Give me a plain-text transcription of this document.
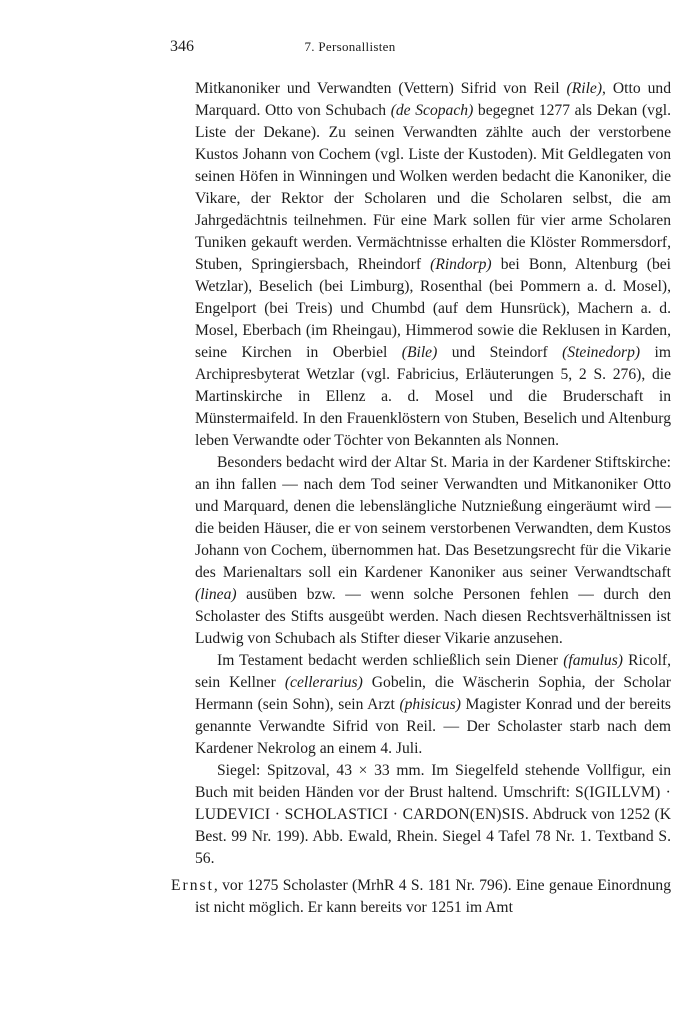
346	7. Personallisten

Mitkanoniker und Verwandten (Vettern) Sifrid von Reil (Rile), Otto und Marquard. Otto von Schubach (de Scopach) begegnet 1277 als Dekan (vgl. Liste der Dekane). Zu seinen Verwandten zählte auch der verstorbene Kustos Johann von Cochem (vgl. Liste der Kustoden). Mit Geldlegaten von seinen Höfen in Winningen und Wolken werden bedacht die Kanoniker, die Vikare, der Rektor der Scholaren und die Scholaren selbst, die am Jahrgedächtnis teilnehmen. Für eine Mark sollen für vier arme Scholaren Tuniken gekauft werden. Vermächtnisse erhalten die Klöster Rommersdorf, Stuben, Springiersbach, Rheindorf (Rindorp) bei Bonn, Altenburg (bei Wetzlar), Beselich (bei Limburg), Rosenthal (bei Pommern a. d. Mosel), Engelport (bei Treis) und Chumbd (auf dem Hunsrück), Machern a. d. Mosel, Eberbach (im Rheingau), Himmerod sowie die Reklusen in Karden, seine Kirchen in Oberbiel (Bile) und Steindorf (Steinedorp) im Archipresbyterat Wetzlar (vgl. Fabricius, Erläuterungen 5, 2 S. 276), die Martinskirche in Ellenz a. d. Mosel und die Bruderschaft in Münstermaifeld. In den Frauenklöstern von Stuben, Beselich und Altenburg leben Verwandte oder Töchter von Bekannten als Nonnen.

Besonders bedacht wird der Altar St. Maria in der Kardener Stiftskirche: an ihn fallen — nach dem Tod seiner Verwandten und Mitkanoniker Otto und Marquard, denen die lebenslängliche Nutznießung eingeräumt wird — die beiden Häuser, die er von seinem verstorbenen Verwandten, dem Kustos Johann von Cochem, übernommen hat. Das Besetzungsrecht für die Vikarie des Marienaltars soll ein Kardener Kanoniker aus seiner Verwandtschaft (linea) ausüben bzw. — wenn solche Personen fehlen — durch den Scholaster des Stifts ausgeübt werden. Nach diesen Rechtsverhältnissen ist Ludwig von Schubach als Stifter dieser Vikarie anzusehen.

Im Testament bedacht werden schließlich sein Diener (famulus) Ricolf, sein Kellner (cellerarius) Gobelin, die Wäscherin Sophia, der Scholar Hermann (sein Sohn), sein Arzt (phisicus) Magister Konrad und der bereits genannte Verwandte Sifrid von Reil. — Der Scholaster starb nach dem Kardener Nekrolog an einem 4. Juli.

Siegel: Spitzoval, 43 × 33 mm. Im Siegelfeld stehende Vollfigur, ein Buch mit beiden Händen vor der Brust haltend. Umschrift: S(IGILLVM) · LUDEVICI · SCHOLASTICI · CARDON(EN)SIS. Abdruck von 1252 (K Best. 99 Nr. 199). Abb. Ewald, Rhein. Siegel 4 Tafel 78 Nr. 1. Textband S. 56.

Ernst, vor 1275 Scholaster (MrhR 4 S. 181 Nr. 796). Eine genaue Einordnung ist nicht möglich. Er kann bereits vor 1251 im Amt
